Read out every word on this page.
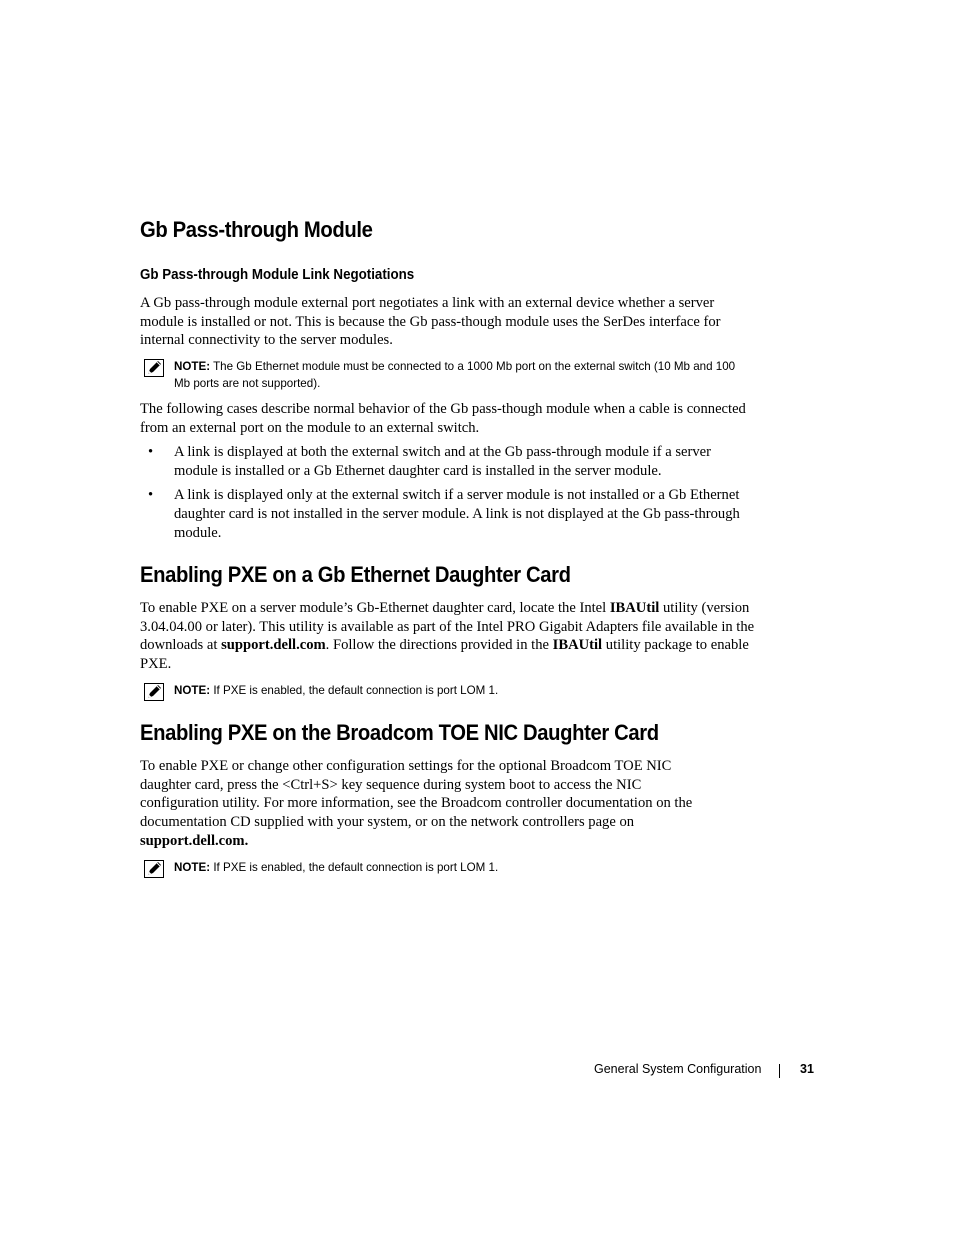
Gb Pass-through Module
Gb Pass-through Module Link Negotiations

A Gb pass-through module external port negotiates a link with an external device whether a server module is installed or not. This is because the Gb pass-though module uses the SerDes interface for internal connectivity to the server modules.

NOTE: The Gb Ethernet module must be connected to a 1000 Mb port on the external switch (10 Mb and 100 Mb ports are not supported).

The following cases describe normal behavior of the Gb pass-though module when a cable is connected from an external port on the module to an external switch.

• A link is displayed at both the external switch and at the Gb pass-through module if a server module is installed or a Gb Ethernet daughter card is installed in the server module.
• A link is displayed only at the external switch if a server module is not installed or a Gb Ethernet daughter card is not installed in the server module. A link is not displayed at the Gb pass-through module.
Enabling PXE on a Gb Ethernet Daughter Card

To enable PXE on a server module’s Gb-Ethernet daughter card, locate the Intel IBAUtil utility (version 3.04.04.00 or later). This utility is available as part of the Intel PRO Gigabit Adapters file available in the downloads at support.dell.com. Follow the directions provided in the IBAUtil utility package to enable PXE.

NOTE: If PXE is enabled, the default connection is port LOM 1.
Enabling PXE on the Broadcom TOE NIC Daughter Card

To enable PXE or change other configuration settings for the optional Broadcom TOE NIC daughter card, press the <Ctrl+S> key sequence during system boot to access the NIC configuration utility. For more information, see the Broadcom controller documentation on the documentation CD supplied with your system, or on the network controllers page on support.dell.com.

NOTE: If PXE is enabled, the default connection is port LOM 1.
General System Configuration	31
